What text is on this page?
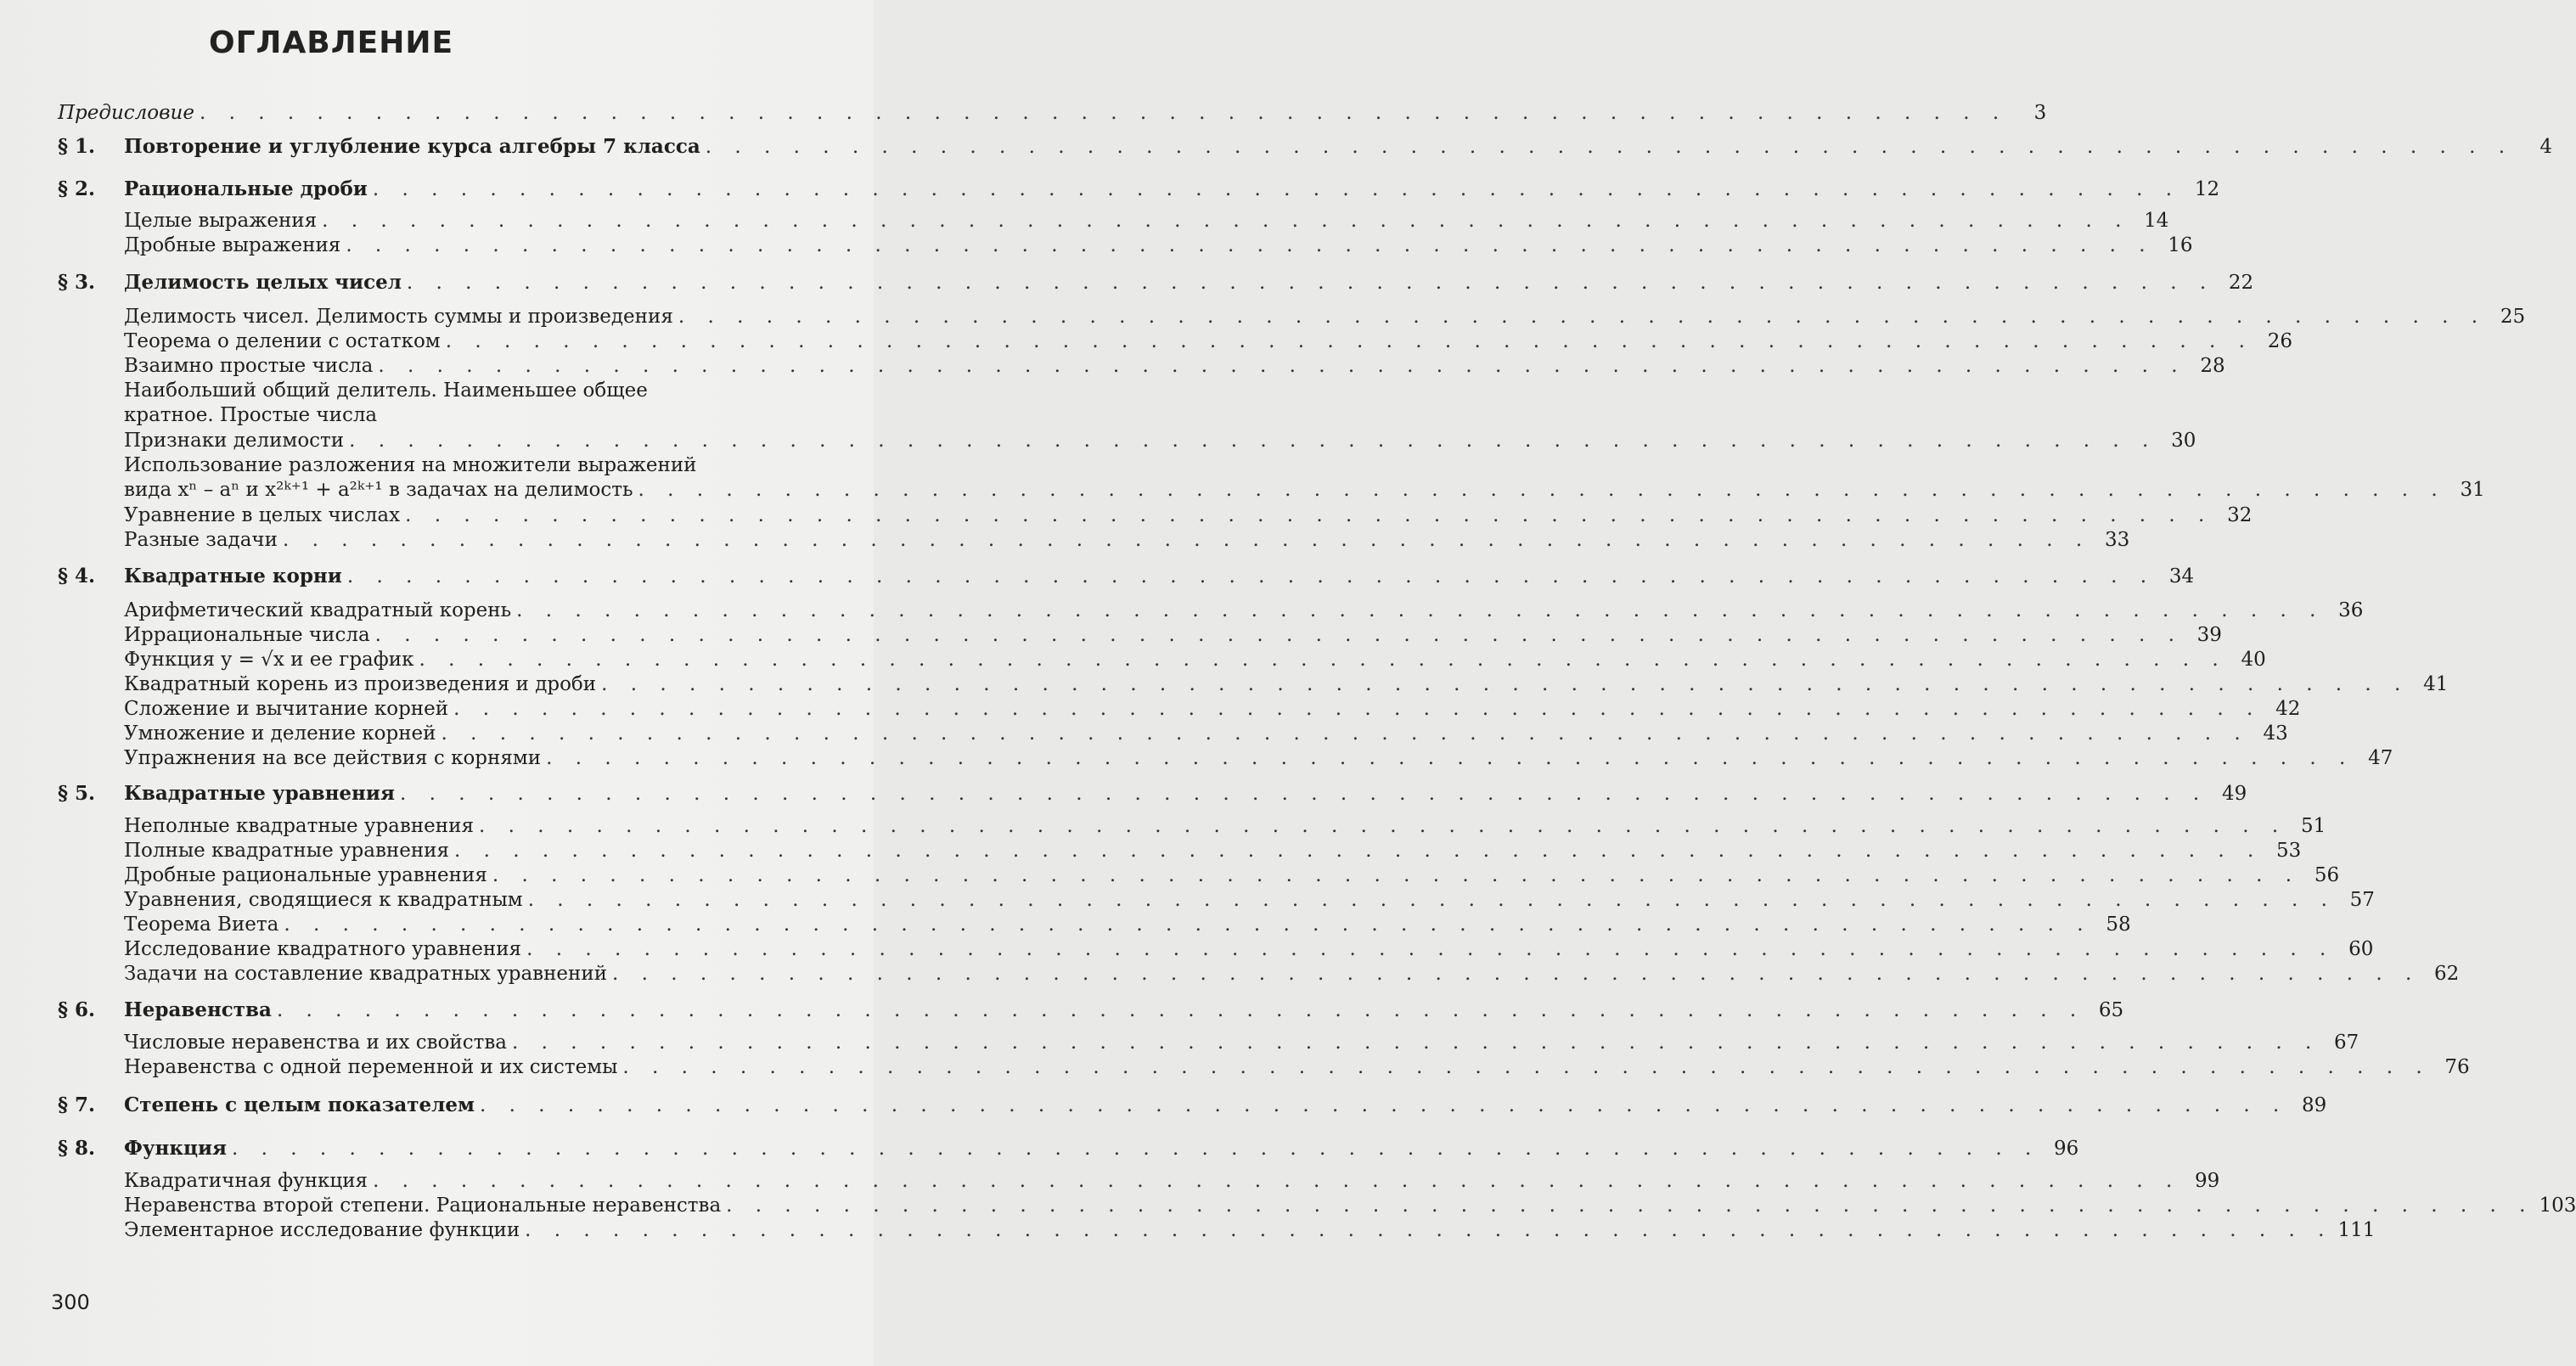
ОГЛАВЛЕНИЕ
Предисловие . . . . . . . . . . . . . . . . . . . . . . . . . . . . . . . . . . . . . . . . . . . . . . . . . . . . . . . . . . . . . .	3
§ 1.	Повторение и углубление курса алгебры 7 класса . . . . . . . . . . . . . . . . . . . . . . . . . . . . . . . . . . . . . . . . . . . . . . . . . . . . . . . . . . . . . .	4
§ 2.	Рациональные дроби . . . . . . . . . . . . . . . . . . . . . . . . . . . . . . . . . . . . . . . . . . . . . . . . . . . . . . . . . . . . . . 12
Целые выражения . . . . . . . . . . . . . . . . . . . . . . . . . . . . . . . . . . . . . . . . . . . . . . . . . . . . . . . . . . . . . . 14
Дробные выражения . . . . . . . . . . . . . . . . . . . . . . . . . . . . . . . . . . . . . . . . . . . . . . . . . . . . . . . . . . . . . . 16
§ 3.	Делимость целых чисел . . . . . . . . . . . . . . . . . . . . . . . . . . . . . . . . . . . . . . . . . . . . . . . . . . . . . . . . . . . . . . 22
Делимость чисел. Делимость суммы и произведения . . . . . . . . . . . . . . . . . . . . . . . . . . . . . . . . . . . . . . . . . . . . . . . . . . . . . . . . . . . . . . 25
Теорема о делении с остатком . . . . . . . . . . . . . . . . . . . . . . . . . . . . . . . . . . . . . . . . . . . . . . . . . . . . . . . . . . . . . . 26
Взаимно простые числа . . . . . . . . . . . . . . . . . . . . . . . . . . . . . . . . . . . . . . . . . . . . . . . . . . . . . . . . . . . . . . 28
Наибольший общий делитель. Наименьшее общее
кратное. Простые числа
Признаки делимости . . . . . . . . . . . . . . . . . . . . . . . . . . . . . . . . . . . . . . . . . . . . . . . . . . . . . . . . . . . . . . 30
Использование разложения на множители выражений
вида xⁿ – aⁿ и x²ᵏ⁺¹ + a²ᵏ⁺¹ в задачах на делимость . . . . . . . . . . . . . . . . . . . . . . . . . . . . . . . . . . . . . . . . . . . . . . . . . . . . . . . . . . . . . . 31
Уравнение в целых числах . . . . . . . . . . . . . . . . . . . . . . . . . . . . . . . . . . . . . . . . . . . . . . . . . . . . . . . . . . . . . . 32
Разные задачи . . . . . . . . . . . . . . . . . . . . . . . . . . . . . . . . . . . . . . . . . . . . . . . . . . . . . . . . . . . . . . 33
§ 4.	Квадратные корни . . . . . . . . . . . . . . . . . . . . . . . . . . . . . . . . . . . . . . . . . . . . . . . . . . . . . . . . . . . . . . 34
Арифметический квадратный корень . . . . . . . . . . . . . . . . . . . . . . . . . . . . . . . . . . . . . . . . . . . . . . . . . . . . . . . . . . . . . . 36
Иррациональные числа . . . . . . . . . . . . . . . . . . . . . . . . . . . . . . . . . . . . . . . . . . . . . . . . . . . . . . . . . . . . . . 39
Функция y = √x и ее график . . . . . . . . . . . . . . . . . . . . . . . . . . . . . . . . . . . . . . . . . . . . . . . . . . . . . . . . . . . . . . 40
Квадратный корень из произведения и дроби . . . . . . . . . . . . . . . . . . . . . . . . . . . . . . . . . . . . . . . . . . . . . . . . . . . . . . . . . . . . . . 41
Сложение и вычитание корней . . . . . . . . . . . . . . . . . . . . . . . . . . . . . . . . . . . . . . . . . . . . . . . . . . . . . . . . . . . . . . 42
Умножение и деление корней . . . . . . . . . . . . . . . . . . . . . . . . . . . . . . . . . . . . . . . . . . . . . . . . . . . . . . . . . . . . . . 43
Упражнения на все действия с корнями . . . . . . . . . . . . . . . . . . . . . . . . . . . . . . . . . . . . . . . . . . . . . . . . . . . . . . . . . . . . . . 47
§ 5.	Квадратные уравнения . . . . . . . . . . . . . . . . . . . . . . . . . . . . . . . . . . . . . . . . . . . . . . . . . . . . . . . . . . . . . . 49
Неполные квадратные уравнения . . . . . . . . . . . . . . . . . . . . . . . . . . . . . . . . . . . . . . . . . . . . . . . . . . . . . . . . . . . . . . 51
Полные квадратные уравнения . . . . . . . . . . . . . . . . . . . . . . . . . . . . . . . . . . . . . . . . . . . . . . . . . . . . . . . . . . . . . . 53
Дробные рациональные уравнения . . . . . . . . . . . . . . . . . . . . . . . . . . . . . . . . . . . . . . . . . . . . . . . . . . . . . . . . . . . . . . 56
Уравнения, сводящиеся к квадратным . . . . . . . . . . . . . . . . . . . . . . . . . . . . . . . . . . . . . . . . . . . . . . . . . . . . . . . . . . . . . . 57
Теорема Виета . . . . . . . . . . . . . . . . . . . . . . . . . . . . . . . . . . . . . . . . . . . . . . . . . . . . . . . . . . . . . . 58
Исследование квадратного уравнения . . . . . . . . . . . . . . . . . . . . . . . . . . . . . . . . . . . . . . . . . . . . . . . . . . . . . . . . . . . . . . 60
Задачи на составление квадратных уравнений . . . . . . . . . . . . . . . . . . . . . . . . . . . . . . . . . . . . . . . . . . . . . . . . . . . . . . . . . . . . . . 62
§ 6.	Неравенства . . . . . . . . . . . . . . . . . . . . . . . . . . . . . . . . . . . . . . . . . . . . . . . . . . . . . . . . . . . . . . 65
Числовые неравенства и их свойства . . . . . . . . . . . . . . . . . . . . . . . . . . . . . . . . . . . . . . . . . . . . . . . . . . . . . . . . . . . . . . 67
Неравенства с одной переменной и их системы . . . . . . . . . . . . . . . . . . . . . . . . . . . . . . . . . . . . . . . . . . . . . . . . . . . . . . . . . . . . . . 76
§ 7.	Степень с целым показателем . . . . . . . . . . . . . . . . . . . . . . . . . . . . . . . . . . . . . . . . . . . . . . . . . . . . . . . . . . . . . . 89
§ 8.	Функция . . . . . . . . . . . . . . . . . . . . . . . . . . . . . . . . . . . . . . . . . . . . . . . . . . . . . . . . . . . . . . 96
Квадратичная функция . . . . . . . . . . . . . . . . . . . . . . . . . . . . . . . . . . . . . . . . . . . . . . . . . . . . . . . . . . . . . . 99
Неравенства второй степени. Рациональные неравенства . . . . . . . . . . . . . . . . . . . . . . . . . . . . . . . . . . . . . . . . . . . . . . . . . . . . . . . . . . . . . . 103
Элементарное исследование функции . . . . . . . . . . . . . . . . . . . . . . . . . . . . . . . . . . . . . . . . . . . . . . . . . . . . . . . . . . . . . . 111
300
